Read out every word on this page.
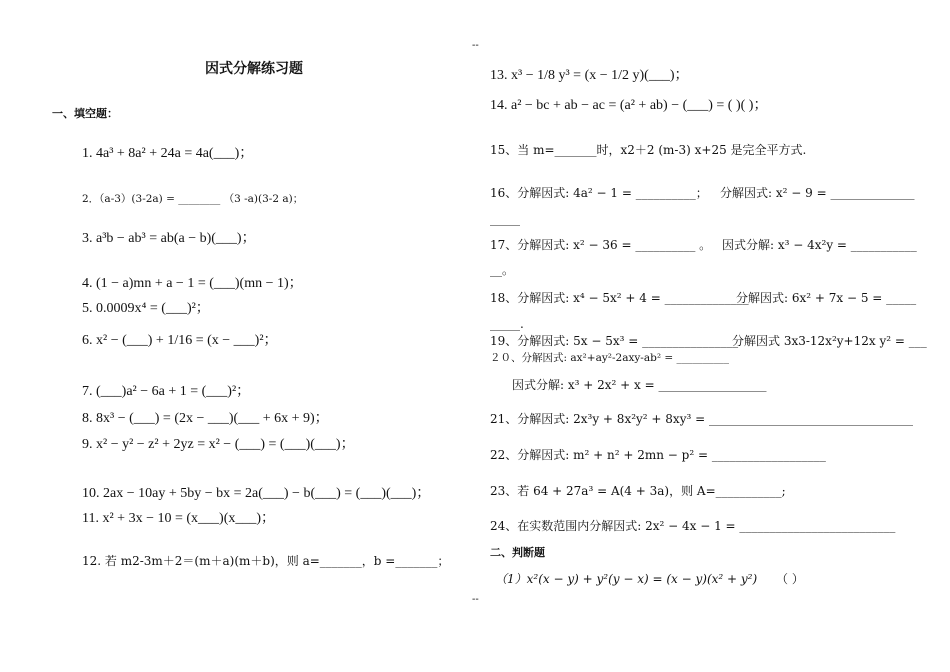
--
--
因式分解练习题
一、填空题：
1. 4a³ + 8a² + 24a = 4a(___)；
2．（a-3）(3-2a) = ________ （3 -a)(3-2 a)；
3. a³b − ab³ = ab(a − b)(___)；
4. (1 − a)mn + a − 1 = (___)(mn − 1)；
5. 0.0009x⁴ = (___)²；
6. x² − (___) + 1/16 = (x − ___)²；
7. (___)a² − 6a + 1 = (___)²；
8. 8x³ − (___) = (2x − ___)(___ + 6x + 9)；
9. x² − y² − z² + 2yz = x² − (___) = (___)(___)；
10. 2ax − 10ay + 5by − bx = 2a(___) − b(___) = (___)(___)；
11. x² + 3x − 10 = (x___)(x___)；
12. 若 m2-3m＋2＝(m＋a)(m＋b)，则 a=_______，b =_______；
13. x³ − 1/8 y³ = (x − 1/2 y)(___)；
14. a² − bc + ab − ac = (a² + ab) − (___) = ( )( )；
15、当 m=_______时，x2＋2 (m-3) x+25 是完全平方式.
16、分解因式: 4a² − 1 = __________； 分解因式: x² − 9 = ______________
_____
17、分解因式: x² − 36 = __________ 。 因式分解: x³ − 4x²y = ___________
__。
18、分解因式: x⁴ − 5x² + 4 = ______________
分解因式: 6x² + 7x − 5 = _____
_____.
19、分解因式: 5x − 5x³ = ________________
分解因式 3x3-12x²y+12x y² = ___
２０、分解因式: ax²+ay²-2axy-ab² = __________
因式分解: x³ + 2x² + x = __________________
21、分解因式: 2x³y + 8x²y² + 8xy³ = __________________________________
22、分解因式: m² + n² + 2mn − p² = ___________________
23、若 64 + 27a³ = A(4 + 3a)，则 A=___________;
24、在实数范围内分解因式: 2x² − 4x − 1 = __________________________
二、判断题
（1）x²(x − y) + y²(y − x) = (x − y)(x² + y²) （ ）
